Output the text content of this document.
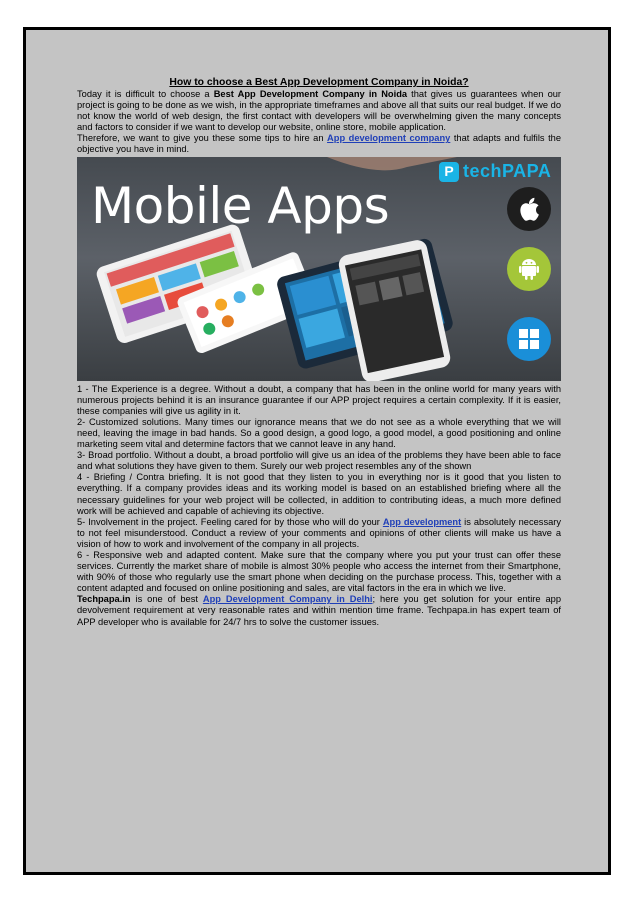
How to choose a Best App Development Company in Noida?

Today it is difficult to choose a Best App Development Company in Noida that gives us guarantees when our project is going to be done as we wish, in the appropriate timeframes and above all that suits our real budget. If we do not know the world of web design, the first contact with developers will be overwhelming given the many concepts and factors to consider if we want to develop our website, online store, mobile application.

Therefore, we want to give you these some tips to hire an App development company that adapts and fulfils the objective you have in mind.

Mobile Apps
P techPAPA

1 - The Experience is a degree. Without a doubt, a company that has been in the online world for many years with numerous projects behind it is an insurance guarantee if our APP project requires a certain complexity. If it is easier, these companies will give us agility in it.

2- Customized solutions. Many times our ignorance means that we do not see as a whole everything that we will need, leaving the image in bad hands. So a good design, a good logo, a good model, a good positioning and online marketing seem vital and determine factors that we cannot leave in any hand.

3- Broad portfolio. Without a doubt, a broad portfolio will give us an idea of the problems they have been able to face and what solutions they have given to them. Surely our web project resembles any of the shown

4 - Briefing / Contra briefing. It is not good that they listen to you in everything nor is it good that you listen to everything. If a company provides ideas and its working model is based on an established briefing where all the necessary guidelines for your web project will be collected, in addition to contributing ideas, a much more defined work will be achieved and capable of achieving its objective.

5- Involvement in the project. Feeling cared for by those who will do your App development is absolutely necessary to not feel misunderstood. Conduct a review of your comments and opinions of other clients will make us have a vision of how to work and involvement of the company in all projects.

6 - Responsive web and adapted content. Make sure that the company where you put your trust can offer these services. Currently the market share of mobile is almost 30% people who access the internet from their Smartphone, with 90% of those who regularly use the smart phone when deciding on the purchase process. This, together with a content adapted and focused on online positioning and sales, are vital factors in the era in which we live.

Techpapa.in is one of best App Development Company in Delhi; here you get solution for your entire app devolvement requirement at very reasonable rates and within mention time frame. Techpapa.in has expert team of APP developer who is available for 24/7 hrs to solve the customer issues.
